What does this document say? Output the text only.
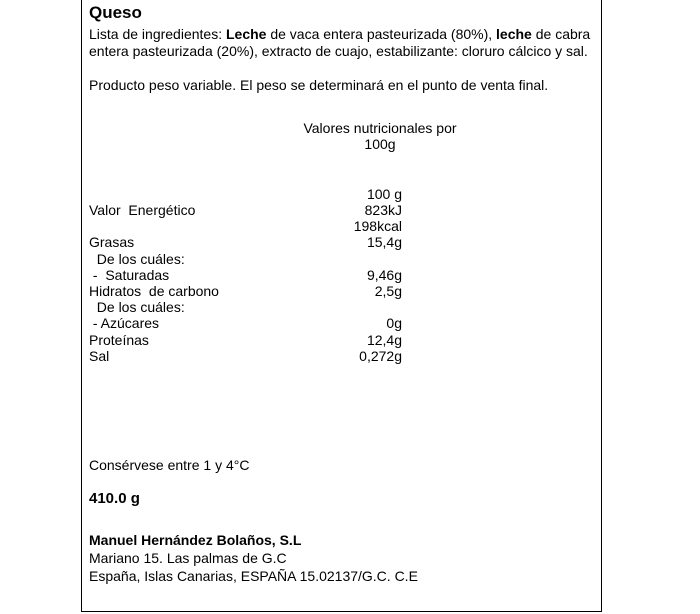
Queso
Lista de ingredientes: Leche de vaca entera pasteurizada (80%), leche de cabra
entera pasteurizada (20%), extracto de cuajo, estabilizante: cloruro cálcico y sal.
Producto peso variable. El peso se determinará en el punto de venta final.
Valores nutricionales por
100g
100 g
Valor  Energético	823kJ
198kcal
Grasas	15,4g
De los cuáles:
-  Saturadas	9,46g
Hidratos  de carbono	2,5g
De los cuáles:
- Azúcares	0g
Proteínas	12,4g
Sal	0,272g
Consérvese entre 1 y 4°C
410.0 g
Manuel Hernández Bolaños, S.L
Mariano 15. Las palmas de G.C
España, Islas Canarias, ESPAÑA 15.02137/G.C. C.E
